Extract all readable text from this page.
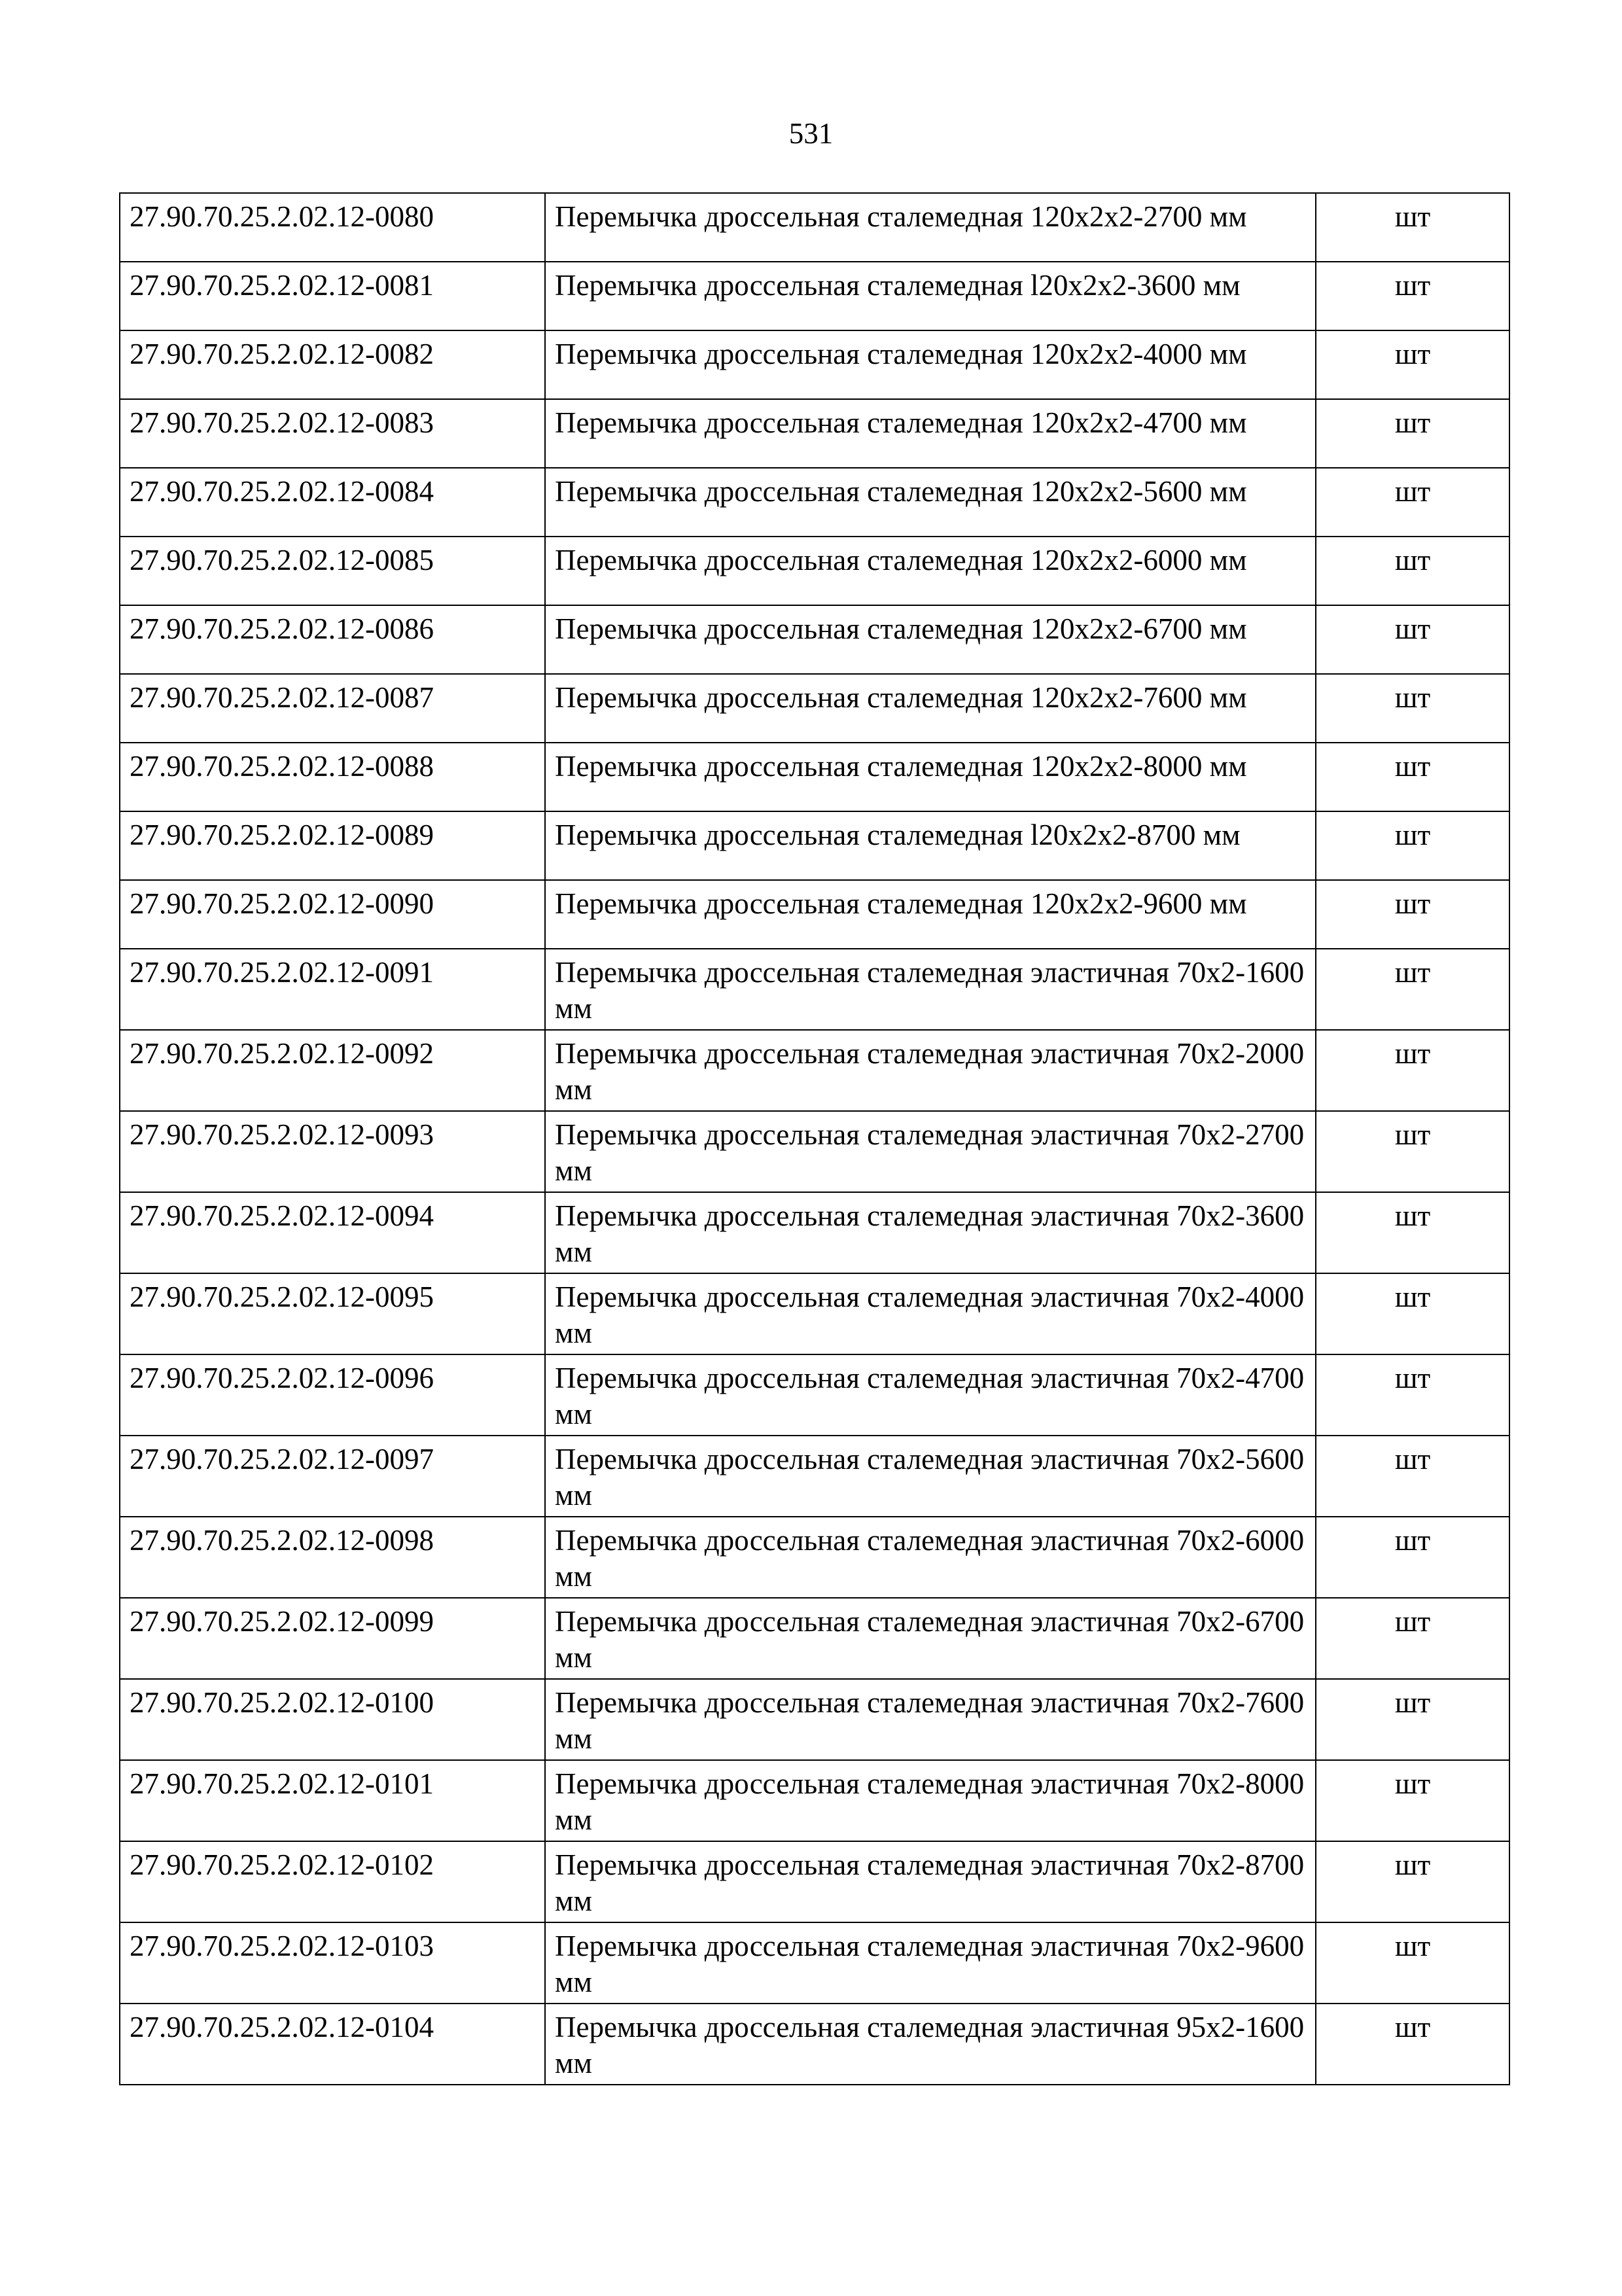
531
27.90.70.25.2.02.12-0080	Перемычка дроссельная сталемедная 120х2х2-2700 мм	шт
27.90.70.25.2.02.12-0081	Перемычка дроссельная сталемедная l20х2х2-3600 мм	шт
27.90.70.25.2.02.12-0082	Перемычка дроссельная сталемедная 120х2х2-4000 мм	шт
27.90.70.25.2.02.12-0083	Перемычка дроссельная сталемедная 120х2х2-4700 мм	шт
27.90.70.25.2.02.12-0084	Перемычка дроссельная сталемедная 120х2х2-5600 мм	шт
27.90.70.25.2.02.12-0085	Перемычка дроссельная сталемедная 120х2х2-6000 мм	шт
27.90.70.25.2.02.12-0086	Перемычка дроссельная сталемедная 120х2х2-6700 мм	шт
27.90.70.25.2.02.12-0087	Перемычка дроссельная сталемедная 120х2х2-7600 мм	шт
27.90.70.25.2.02.12-0088	Перемычка дроссельная сталемедная 120х2х2-8000 мм	шт
27.90.70.25.2.02.12-0089	Перемычка дроссельная сталемедная l20х2х2-8700 мм	шт
27.90.70.25.2.02.12-0090	Перемычка дроссельная сталемедная 120х2х2-9600 мм	шт
27.90.70.25.2.02.12-0091	Перемычка дроссельная сталемедная эластичная 70х2-1600 мм	шт
27.90.70.25.2.02.12-0092	Перемычка дроссельная сталемедная эластичная 70х2-2000 мм	шт
27.90.70.25.2.02.12-0093	Перемычка дроссельная сталемедная эластичная 70х2-2700 мм	шт
27.90.70.25.2.02.12-0094	Перемычка дроссельная сталемедная эластичная 70х2-3600 мм	шт
27.90.70.25.2.02.12-0095	Перемычка дроссельная сталемедная эластичная 70х2-4000 мм	шт
27.90.70.25.2.02.12-0096	Перемычка дроссельная сталемедная эластичная 70х2-4700 мм	шт
27.90.70.25.2.02.12-0097	Перемычка дроссельная сталемедная эластичная 70х2-5600 мм	шт
27.90.70.25.2.02.12-0098	Перемычка дроссельная сталемедная эластичная 70х2-6000 мм	шт
27.90.70.25.2.02.12-0099	Перемычка дроссельная сталемедная эластичная 70х2-6700 мм	шт
27.90.70.25.2.02.12-0100	Перемычка дроссельная сталемедная эластичная 70х2-7600 мм	шт
27.90.70.25.2.02.12-0101	Перемычка дроссельная сталемедная эластичная 70х2-8000 мм	шт
27.90.70.25.2.02.12-0102	Перемычка дроссельная сталемедная эластичная 70х2-8700 мм	шт
27.90.70.25.2.02.12-0103	Перемычка дроссельная сталемедная эластичная 70х2-9600 мм	шт
27.90.70.25.2.02.12-0104	Перемычка дроссельная сталемедная эластичная 95х2-1600 мм	шт
